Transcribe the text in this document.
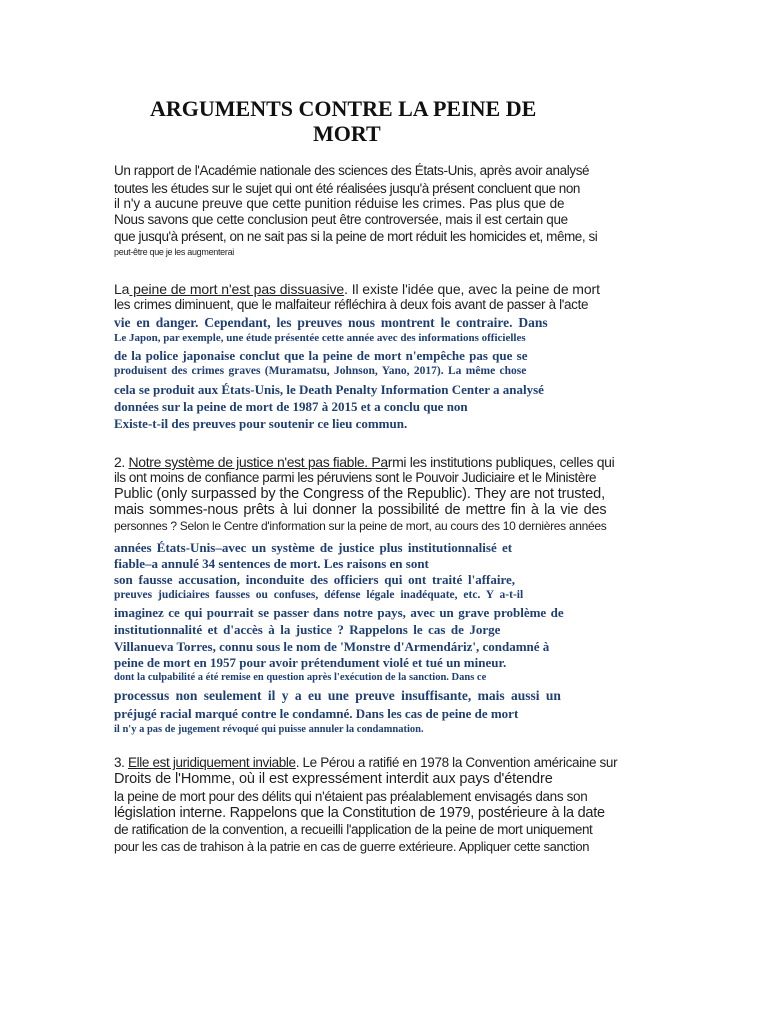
ARGUMENTS CONTRE LA PEINE DE
MORT
Un rapport de l'Académie nationale des sciences des États-Unis, après avoir analysé
toutes les études sur le sujet qui ont été réalisées jusqu'à présent concluent que non
il n'y a aucune preuve que cette punition réduise les crimes. Pas plus que de
Nous savons que cette conclusion peut être controversée, mais il est certain que
que jusqu'à présent, on ne sait pas si la peine de mort réduit les homicides et, même, si
peut-être que je les augmenterai
La peine de mort n'est pas dissuasive. Il existe l'idée que, avec la peine de mort
les crimes diminuent, que le malfaiteur réfléchira à deux fois avant de passer à l'acte
vie en danger. Cependant, les preuves nous montrent le contraire. Dans
Le Japon, par exemple, une étude présentée cette année avec des informations officielles
de la police japonaise conclut que la peine de mort n'empêche pas que se
produisent des crimes graves (Muramatsu, Johnson, Yano, 2017). La même chose
cela se produit aux États-Unis, le Death Penalty Information Center a analysé
données sur la peine de mort de 1987 à 2015 et a conclu que non
Existe-t-il des preuves pour soutenir ce lieu commun.
2. Notre système de justice n'est pas fiable. Parmi les institutions publiques, celles qui
ils ont moins de confiance parmi les péruviens sont le Pouvoir Judiciaire et le Ministère
Public (only surpassed by the Congress of the Republic). They are not trusted,
mais sommes-nous prêts à lui donner la possibilité de mettre fin à la vie des
personnes ? Selon le Centre d'information sur la peine de mort, au cours des 10 dernières années
années États-Unis–avec un système de justice plus institutionnalisé et
fiable–a annulé 34 sentences de mort. Les raisons en sont
son fausse accusation, inconduite des officiers qui ont traité l'affaire,
preuves judiciaires fausses ou confuses, défense légale inadéquate, etc. Y a-t-il
imaginez ce qui pourrait se passer dans notre pays, avec un grave problème de
institutionnalité et d'accès à la justice ? Rappelons le cas de Jorge
Villanueva Torres, connu sous le nom de 'Monstre d'Armendáriz', condamné à
peine de mort en 1957 pour avoir prétendument violé et tué un mineur.
dont la culpabilité a été remise en question après l'exécution de la sanction. Dans ce
processus non seulement il y a eu une preuve insuffisante, mais aussi un
préjugé racial marqué contre le condamné. Dans les cas de peine de mort
il n'y a pas de jugement révoqué qui puisse annuler la condamnation.
3. Elle est juridiquement inviable. Le Pérou a ratifié en 1978 la Convention américaine sur
Droits de l'Homme, où il est expressément interdit aux pays d'étendre
la peine de mort pour des délits qui n'étaient pas préalablement envisagés dans son
législation interne. Rappelons que la Constitution de 1979, postérieure à la date
de ratification de la convention, a recueilli l'application de la peine de mort uniquement
pour les cas de trahison à la patrie en cas de guerre extérieure. Appliquer cette sanction
